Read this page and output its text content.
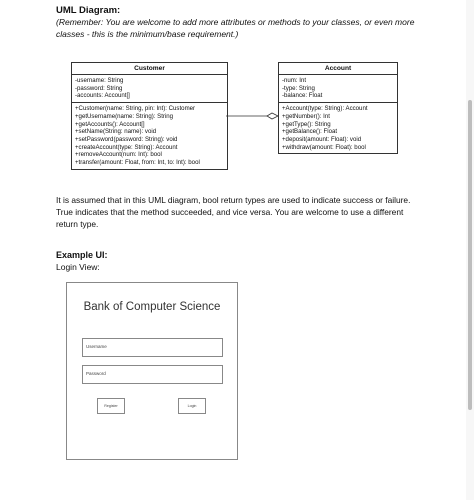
UML Diagram:
(Remember: You are welcome to add more attributes or methods to your classes, or even more classes - this is the minimum/base requirement.)
Customer
-username: String
-password: String
-accounts: Account[]
+Customer(name: String, pin: Int): Customer
+getUsername(name: String): String
+getAccounts(): Account[]
+setName(String: name): void
+setPassword(password: String): void
+createAccount(type: String): Account
+removeAccount(num: Int): bool
+transfer(amount: Float, from: Int, to: Int): bool
Account
-num: Int
-type: String
-balance: Float
+Account(type: String): Account
+getNumber(): Int
+getType(): String
+getBalance(): Float
+deposit(amount: Float): void
+withdraw(amount: Float): bool
It is assumed that in this UML diagram, bool return types are used to indicate success or failure. True indicates that the method succeeded, and vice versa. You are welcome to use a different return type.
Example UI:
Login View:
Bank of Computer Science
Username
Password
Register	Login
